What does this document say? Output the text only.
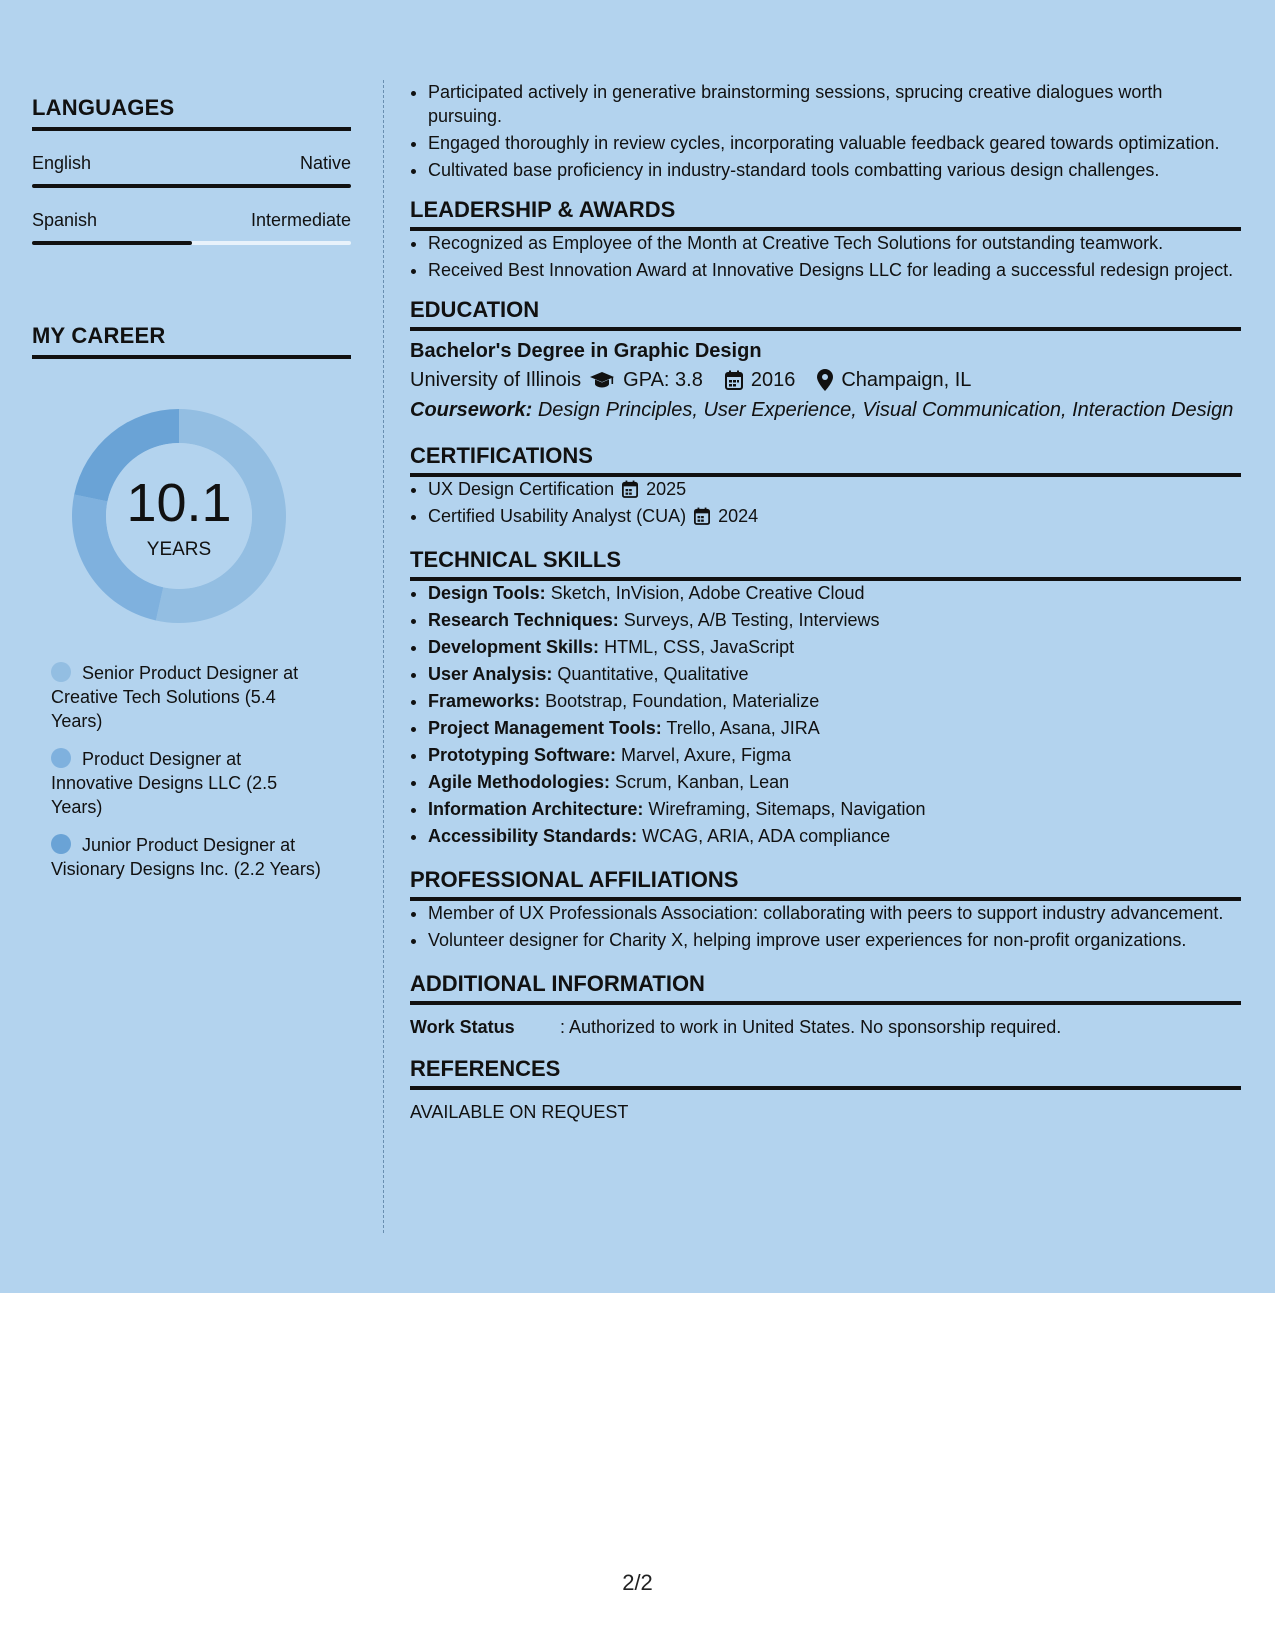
LANGUAGES
English	Native
Spanish	Intermediate
MY CAREER
10.1
YEARS
Senior Product Designer at Creative Tech Solutions (5.4 Years)
Product Designer at Innovative Designs LLC (2.5 Years)
Junior Product Designer at Visionary Designs Inc. (2.2 Years)
• Participated actively in generative brainstorming sessions, sprucing creative dialogues worth pursuing.
• Engaged thoroughly in review cycles, incorporating valuable feedback geared towards optimization.
• Cultivated base proficiency in industry-standard tools combatting various design challenges.
LEADERSHIP & AWARDS
• Recognized as Employee of the Month at Creative Tech Solutions for outstanding teamwork.
• Received Best Innovation Award at Innovative Designs LLC for leading a successful redesign project.
EDUCATION
Bachelor's Degree in Graphic Design
University of Illinois GPA: 3.8 2016 Champaign, IL
Coursework: Design Principles, User Experience, Visual Communication, Interaction Design
CERTIFICATIONS
• UX Design Certification 2025
• Certified Usability Analyst (CUA) 2024
TECHNICAL SKILLS
• Design Tools: Sketch, InVision, Adobe Creative Cloud
• Research Techniques: Surveys, A/B Testing, Interviews
• Development Skills: HTML, CSS, JavaScript
• User Analysis: Quantitative, Qualitative
• Frameworks: Bootstrap, Foundation, Materialize
• Project Management Tools: Trello, Asana, JIRA
• Prototyping Software: Marvel, Axure, Figma
• Agile Methodologies: Scrum, Kanban, Lean
• Information Architecture: Wireframing, Sitemaps, Navigation
• Accessibility Standards: WCAG, ARIA, ADA compliance
PROFESSIONAL AFFILIATIONS
• Member of UX Professionals Association: collaborating with peers to support industry advancement.
• Volunteer designer for Charity X, helping improve user experiences for non-profit organizations.
ADDITIONAL INFORMATION
Work Status	: Authorized to work in United States. No sponsorship required.
REFERENCES
AVAILABLE ON REQUEST
2/2
